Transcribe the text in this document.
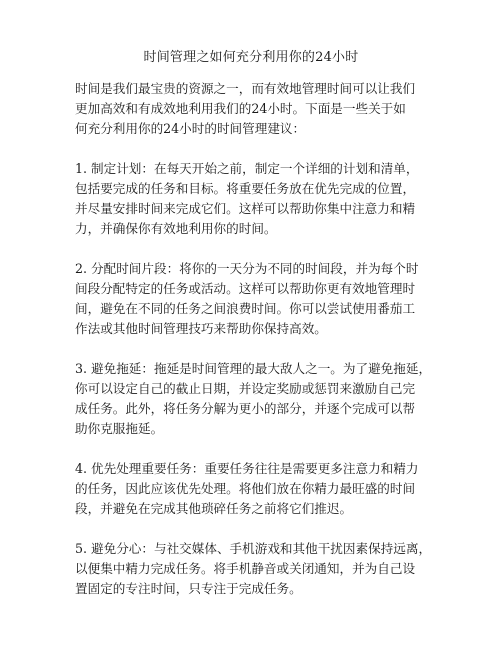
时间管理之如何充分利用你的24小时

时间是我们最宝贵的资源之一，而有效地管理时间可以让我们
更加高效和有成效地利用我们的24小时。下面是一些关于如
何充分利用你的24小时的时间管理建议：

1. 制定计划：在每天开始之前，制定一个详细的计划和清单，
包括要完成的任务和目标。将重要任务放在优先完成的位置，
并尽量安排时间来完成它们。这样可以帮助你集中注意力和精
力，并确保你有效地利用你的时间。

2. 分配时间片段：将你的一天分为不同的时间段，并为每个时
间段分配特定的任务或活动。这样可以帮助你更有效地管理时
间，避免在不同的任务之间浪费时间。你可以尝试使用番茄工
作法或其他时间管理技巧来帮助你保持高效。

3. 避免拖延：拖延是时间管理的最大敌人之一。为了避免拖延，
你可以设定自己的截止日期，并设定奖励或惩罚来激励自己完
成任务。此外，将任务分解为更小的部分，并逐个完成可以帮
助你克服拖延。

4. 优先处理重要任务：重要任务往往是需要更多注意力和精力
的任务，因此应该优先处理。将他们放在你精力最旺盛的时间
段，并避免在完成其他琐碎任务之前将它们推迟。

5. 避免分心：与社交媒体、手机游戏和其他干扰因素保持远离，
以便集中精力完成任务。将手机静音或关闭通知，并为自己设
置固定的专注时间，只专注于完成任务。
